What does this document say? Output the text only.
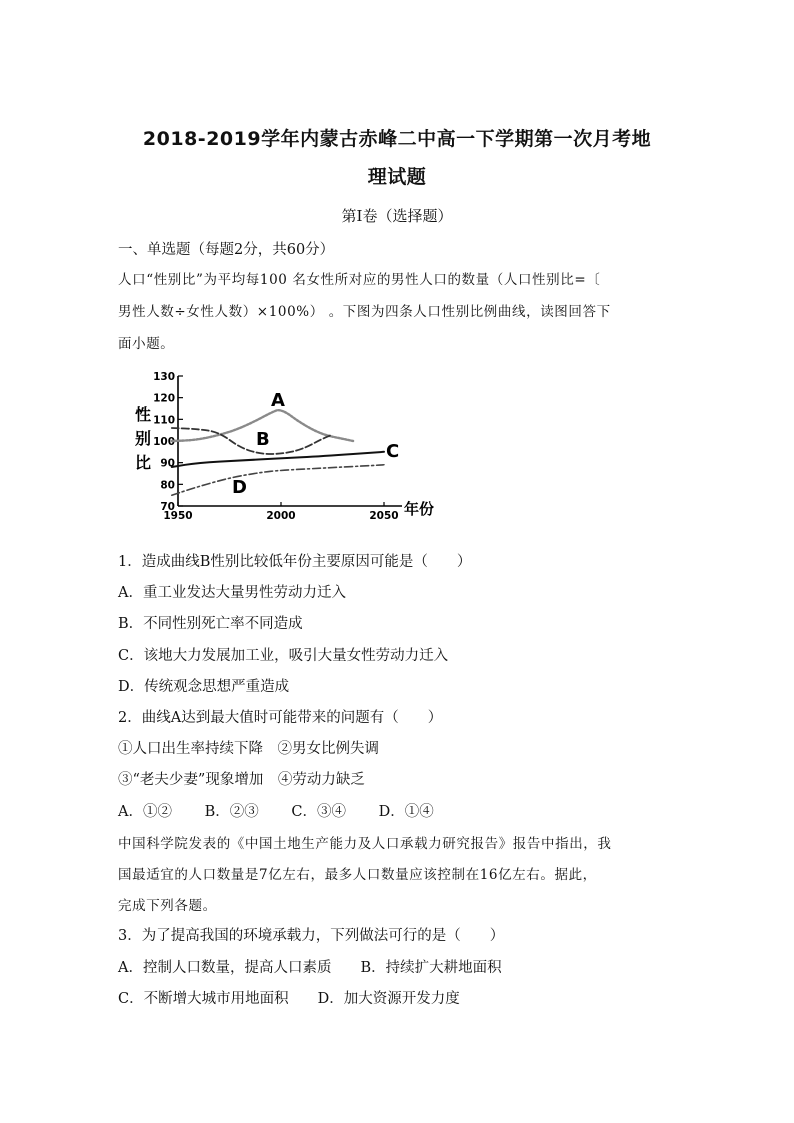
2018-2019学年内蒙古赤峰二中高一下学期第一次月考地
理试题
第I卷（选择题）
一、单选题（每题2分，共60分）
人口“性别比”为平均每100 名女性所对应的男性人口的数量（人口性别比=〔
男性人数÷女性人数）×100%） 。下图为四条人口性别比例曲线，读图回答下
面小题。
70
80
90
100
110
120
130
1950	2000	2050
性
别
比
年份
A
B
C
D
1．造成曲线B性别比较低年份主要原因可能是（　　）
A．重工业发达大量男性劳动力迁入
B．不同性别死亡率不同造成
C．该地大力发展加工业，吸引大量女性劳动力迁入
D．传统观念思想严重造成
2．曲线A达到最大值时可能带来的问题有（　　）
①人口出生率持续下降　②男女比例失调
③“老夫少妻”现象增加　④劳动力缺乏
A．①② B．②③ C．③④ D．①④
中国科学院发表的《中国土地生产能力及人口承载力研究报告》报告中指出，我
国最适宜的人口数量是7亿左右，最多人口数量应该控制在16亿左右。据此，
完成下列各题。
3．为了提高我国的环境承载力，下列做法可行的是（　　）
A．控制人口数量，提高人口素质　　B．持续扩大耕地面积
C．不断增大城市用地面积　　D．加大资源开发力度
